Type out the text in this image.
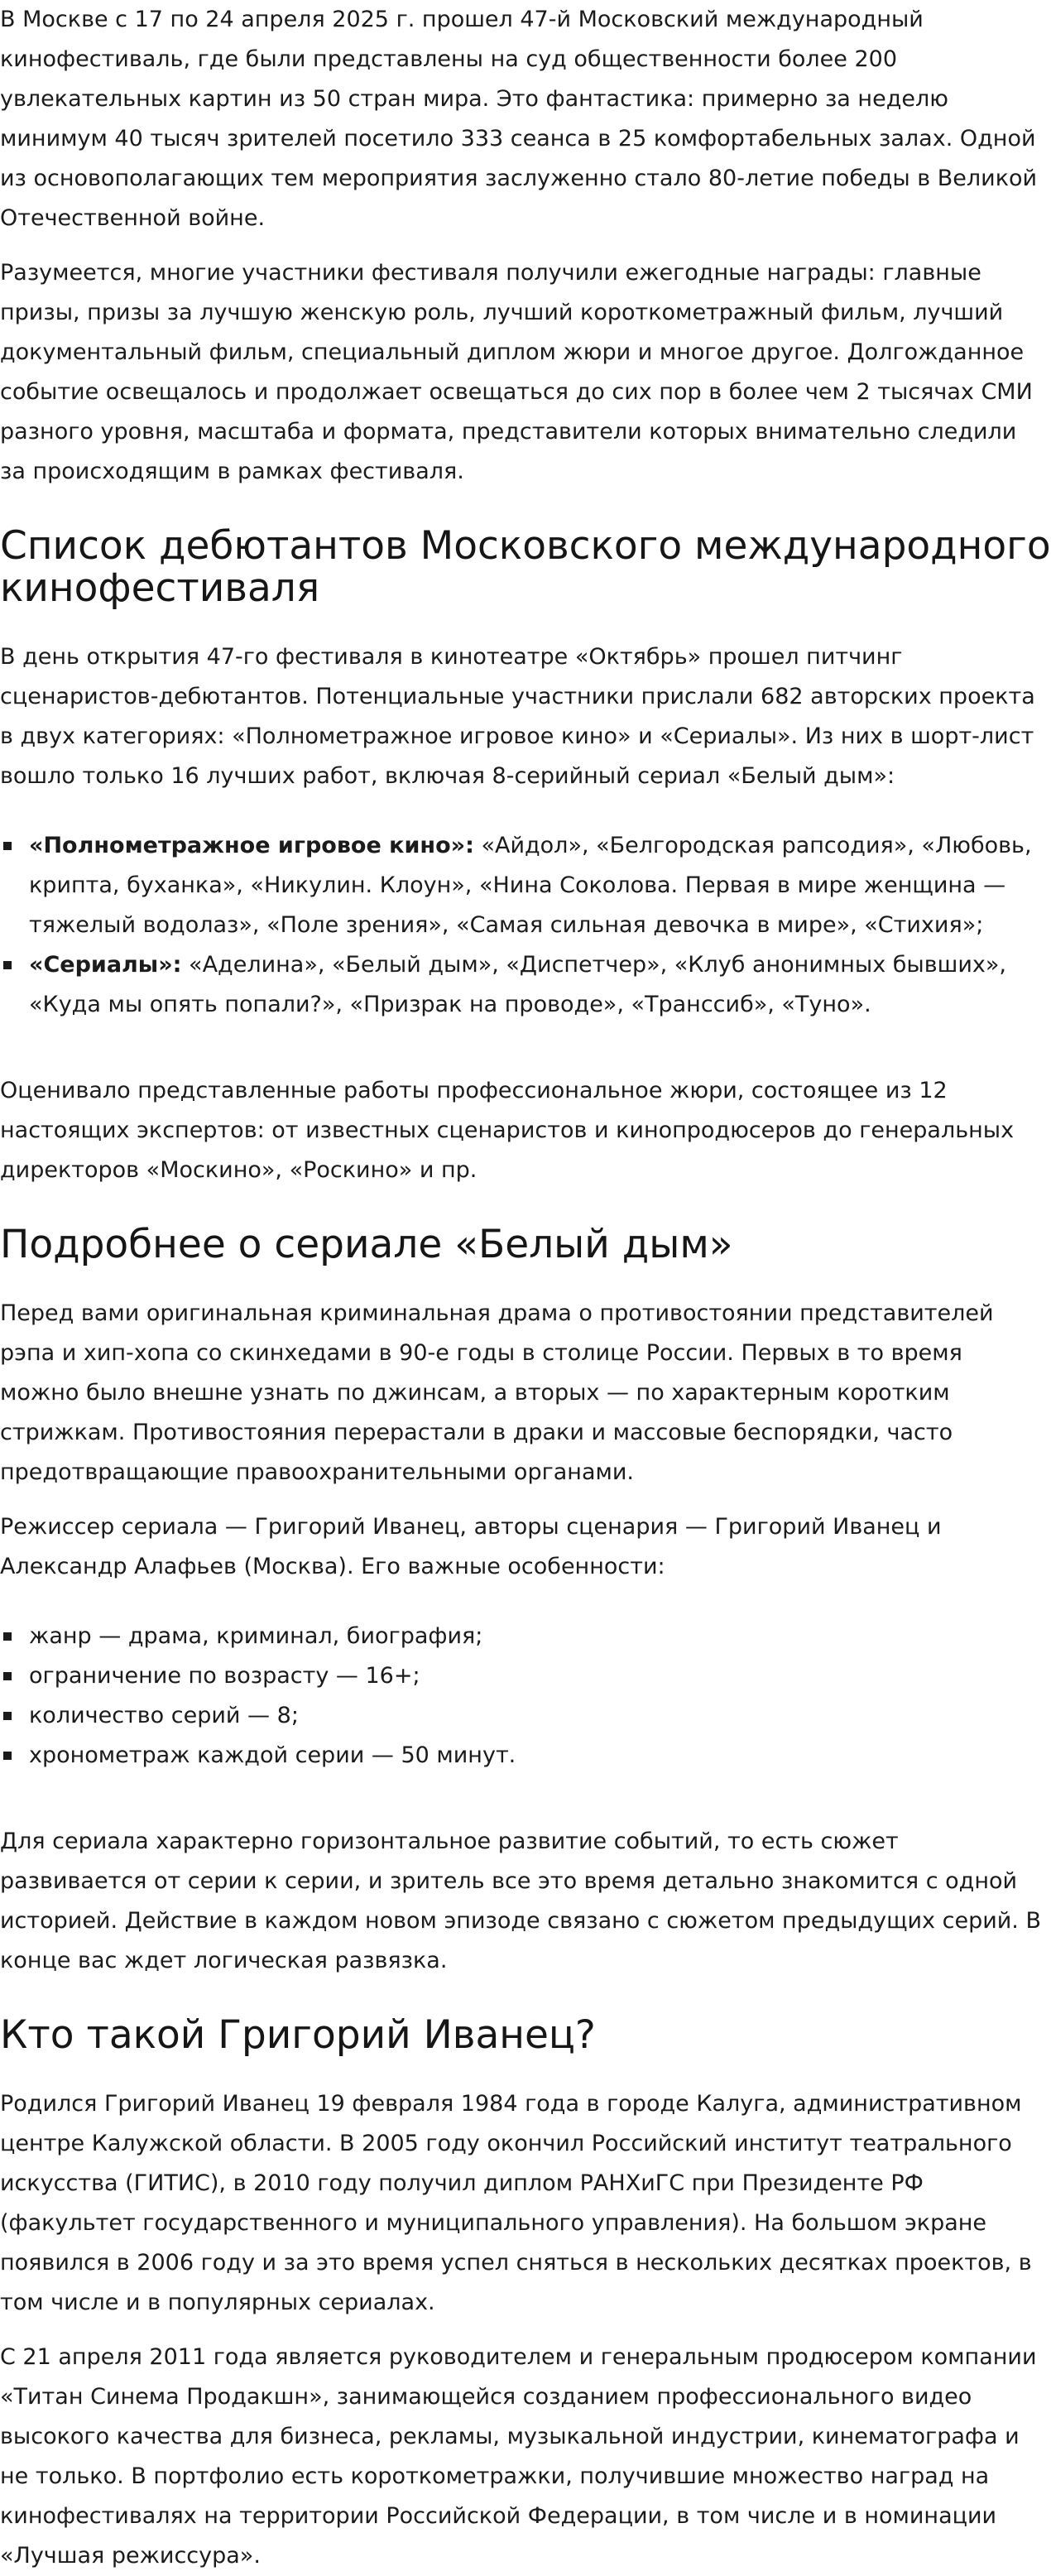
В Москве с 17 по 24 апреля 2025 г. прошел 47-й Московский международный кинофестиваль, где были представлены на суд общественности более 200 увлекательных картин из 50 стран мира. Это фантастика: примерно за неделю минимум 40 тысяч зрителей посетило 333 сеанса в 25 комфортабельных залах. Одной из основополагающих тем мероприятия заслуженно стало 80-летие победы в Великой Отечественной войне.

Разумеется, многие участники фестиваля получили ежегодные награды: главные призы, призы за лучшую женскую роль, лучший короткометражный фильм, лучший документальный фильм, специальный диплом жюри и многое другое. Долгожданное событие освещалось и продолжает освещаться до сих пор в более чем 2 тысячах СМИ разного уровня, масштаба и формата, представители которых внимательно следили за происходящим в рамках фестиваля.

Список дебютантов Московского международного кинофестиваля

В день открытия 47-го фестиваля в кинотеатре «Октябрь» прошел питчинг сценаристов-дебютантов. Потенциальные участники прислали 682 авторских проекта в двух категориях: «Полнометражное игровое кино» и «Сериалы». Из них в шорт-лист вошло только 16 лучших работ, включая 8-серийный сериал «Белый дым»:

«Полнометражное игровое кино»: «Айдол», «Белгородская рапсодия», «Любовь, крипта, буханка», «Никулин. Клоун», «Нина Соколова. Первая в мире женщина — тяжелый водолаз», «Поле зрения», «Самая сильная девочка в мире», «Стихия»;
«Сериалы»: «Аделина», «Белый дым», «Диспетчер», «Клуб анонимных бывших», «Куда мы опять попали?», «Призрак на проводе», «Транссиб», «Туно».

Оценивало представленные работы профессиональное жюри, состоящее из 12 настоящих экспертов: от известных сценаристов и кинопродюсеров до генеральных директоров «Москино», «Роскино» и пр.

Подробнее о сериале «Белый дым»

Перед вами оригинальная криминальная драма о противостоянии представителей рэпа и хип-хопа со скинхедами в 90-е годы в столице России. Первых в то время можно было внешне узнать по джинсам, а вторых — по характерным коротким стрижкам. Противостояния перерастали в драки и массовые беспорядки, часто предотвращающие правоохранительными органами.

Режиссер сериала — Григорий Иванец, авторы сценария — Григорий Иванец и Александр Алафьев (Москва). Его важные особенности:

жанр — драма, криминал, биография;
ограничение по возрасту — 16+;
количество серий — 8;
хронометраж каждой серии — 50 минут.

Для сериала характерно горизонтальное развитие событий, то есть сюжет развивается от серии к серии, и зритель все это время детально знакомится с одной историей. Действие в каждом новом эпизоде связано с сюжетом предыдущих серий. В конце вас ждет логическая развязка.

Кто такой Григорий Иванец?

Родился Григорий Иванец 19 февраля 1984 года в городе Калуга, административном центре Калужской области. В 2005 году окончил Российский институт театрального искусства (ГИТИС), в 2010 году получил диплом РАНХиГС при Президенте РФ (факультет государственного и муниципального управления). На большом экране появился в 2006 году и за это время успел сняться в нескольких десятках проектов, в том числе и в популярных сериалах.

С 21 апреля 2011 года является руководителем и генеральным продюсером компании «Титан Синема Продакшн», занимающейся созданием профессионального видео высокого качества для бизнеса, рекламы, музыкальной индустрии, кинематографа и не только. В портфолио есть короткометражки, получившие множество наград на кинофестивалях на территории Российской Федерации, в том числе и в номинации «Лучшая режиссура».
